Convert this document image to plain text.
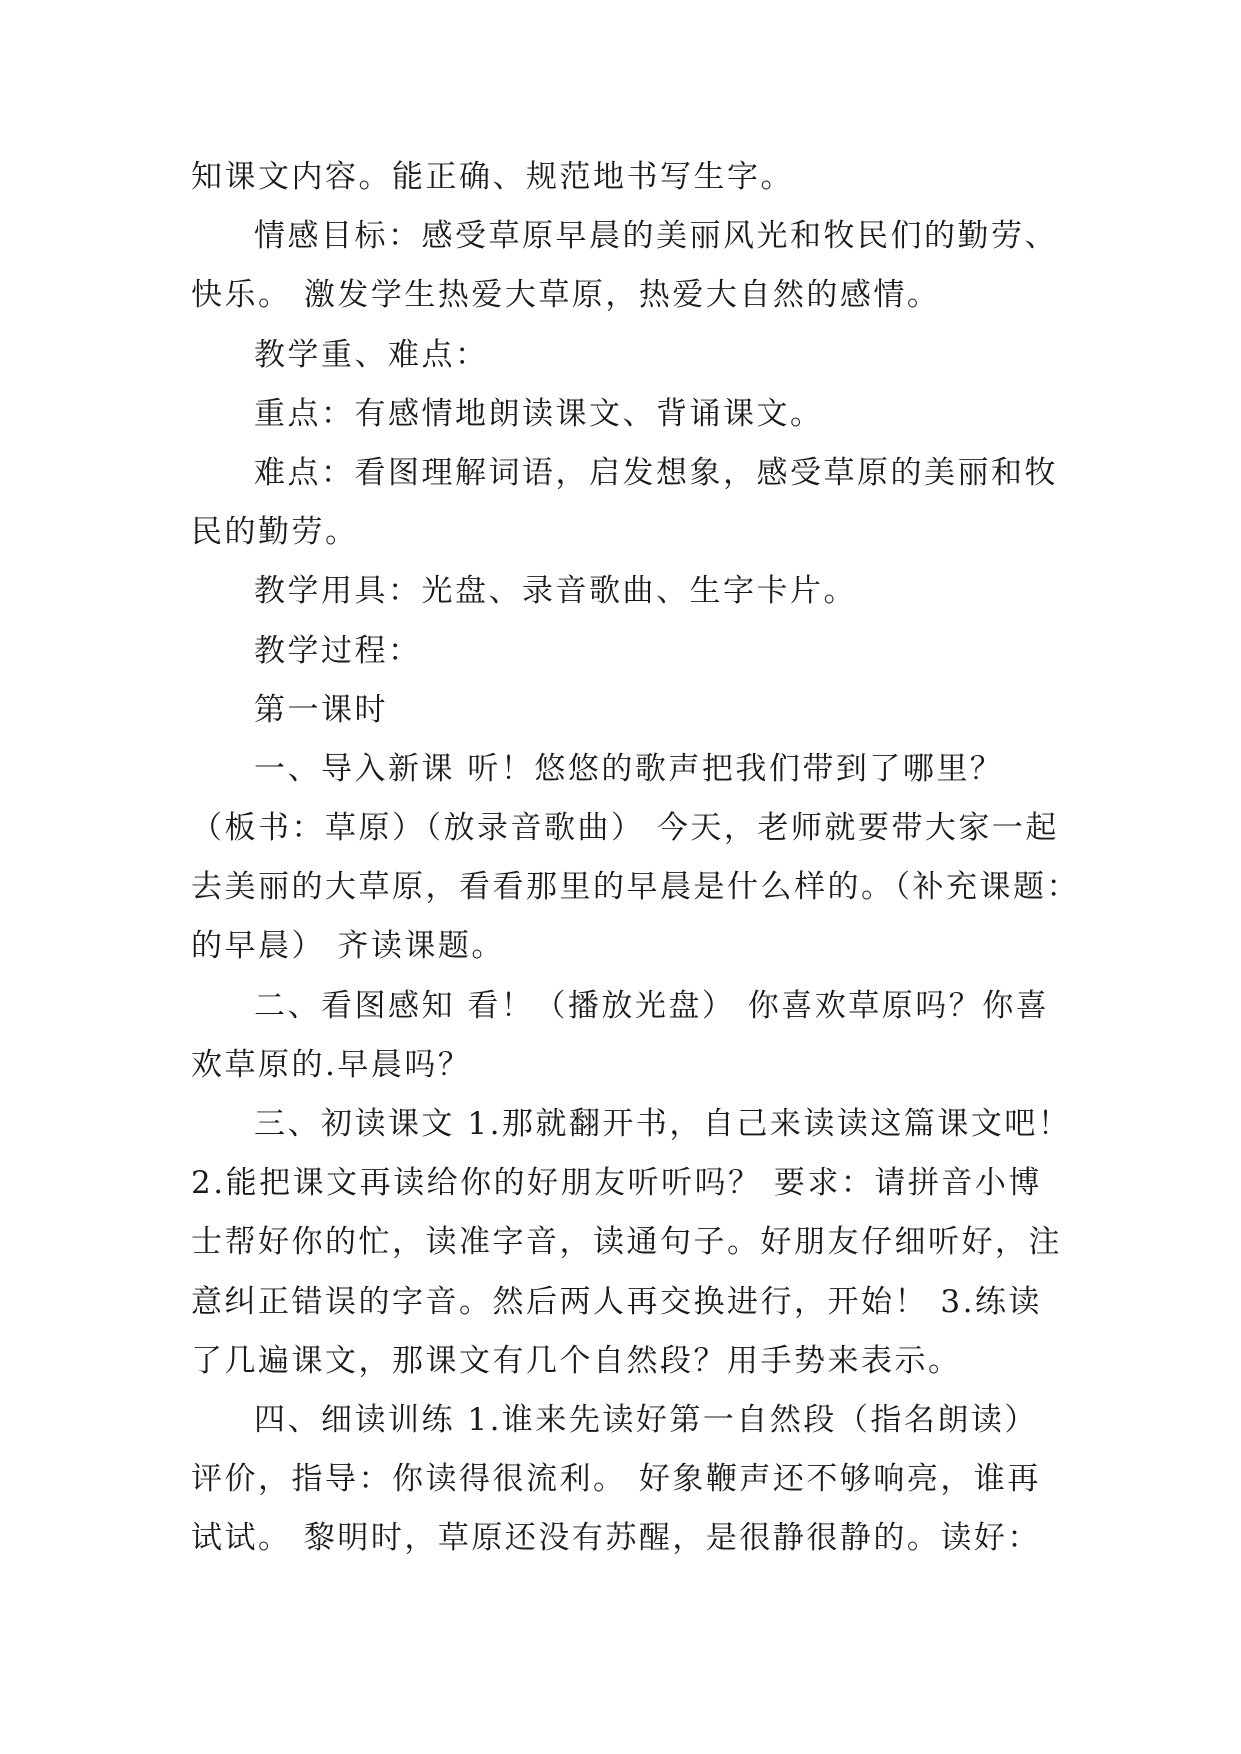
知课文内容。能正确、规范地书写生字。
情感目标：感受草原早晨的美丽风光和牧民们的勤劳、
快乐。 激发学生热爱大草原，热爱大自然的感情。
教学重、难点：
重点：有感情地朗读课文、背诵课文。
难点：看图理解词语，启发想象，感受草原的美丽和牧
民的勤劳。
教学用具：光盘、录音歌曲、生字卡片。
教学过程：
第一课时
一、导入新课 听！悠悠的歌声把我们带到了哪里？
（板书：草原）（放录音歌曲） 今天，老师就要带大家一起
去美丽的大草原，看看那里的早晨是什么样的。（补充课题：
的早晨） 齐读课题。
二、看图感知 看！（播放光盘） 你喜欢草原吗？你喜
欢草原的.早晨吗？
三、初读课文 1.那就翻开书，自己来读读这篇课文吧！
2.能把课文再读给你的好朋友听听吗？ 要求：请拼音小博
士帮好你的忙，读准字音，读通句子。好朋友仔细听好，注
意纠正错误的字音。然后两人再交换进行，开始！ 3.练读
了几遍课文，那课文有几个自然段？用手势来表示。
四、细读训练 1.谁来先读好第一自然段（指名朗读）
评价，指导：你读得很流利。 好象鞭声还不够响亮，谁再
试试。 黎明时，草原还没有苏醒，是很静很静的。读好：
